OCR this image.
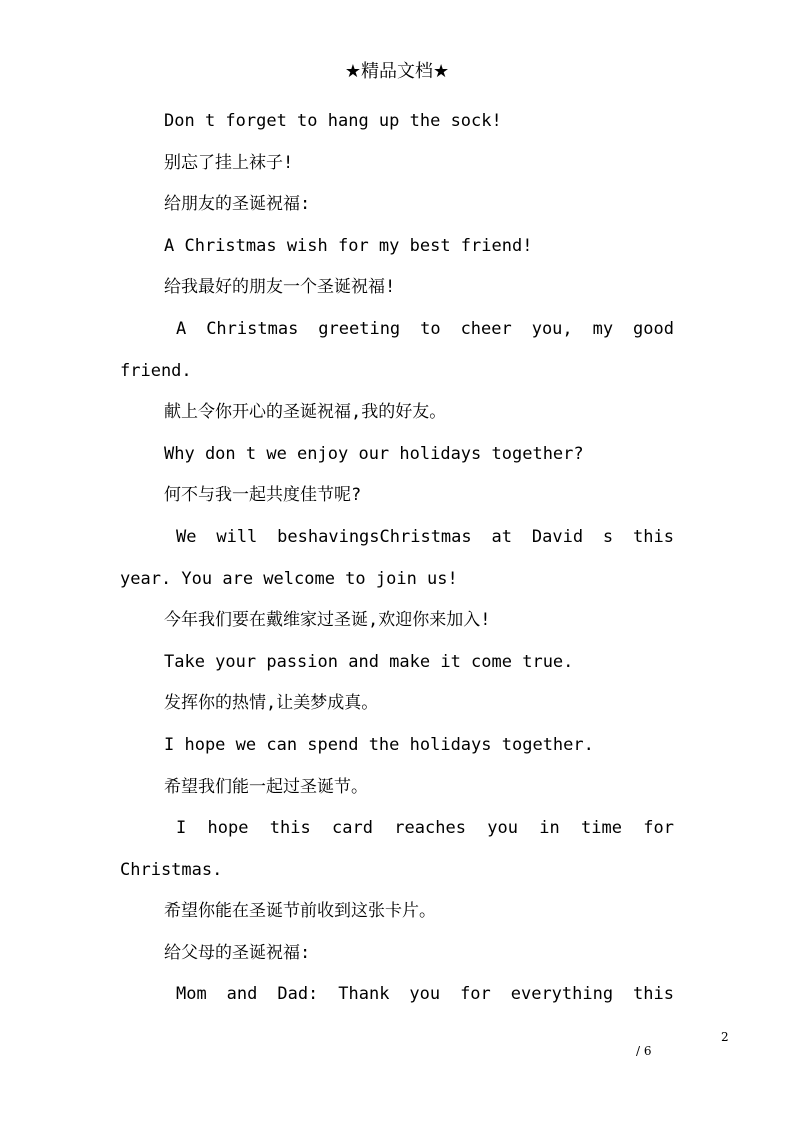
★精品文档★
Don t forget to hang up the sock!
别忘了挂上袜子!
给朋友的圣诞祝福:
A Christmas wish for my best friend!
给我最好的朋友一个圣诞祝福!
A Christmas greeting to cheer you, my good
friend.
献上令你开心的圣诞祝福,我的好友。
Why don t we enjoy our holidays together?
何不与我一起共度佳节呢?
We will beshavingsChristmas at David s this
year. You are welcome to join us!
今年我们要在戴维家过圣诞,欢迎你来加入!
Take your passion and make it come true.
发挥你的热情,让美梦成真。
I hope we can spend the holidays together.
希望我们能一起过圣诞节。
I hope this card reaches you in time for
Christmas.
希望你能在圣诞节前收到这张卡片。
给父母的圣诞祝福:
Mom and Dad: Thank you for everything this
2
/ 6
